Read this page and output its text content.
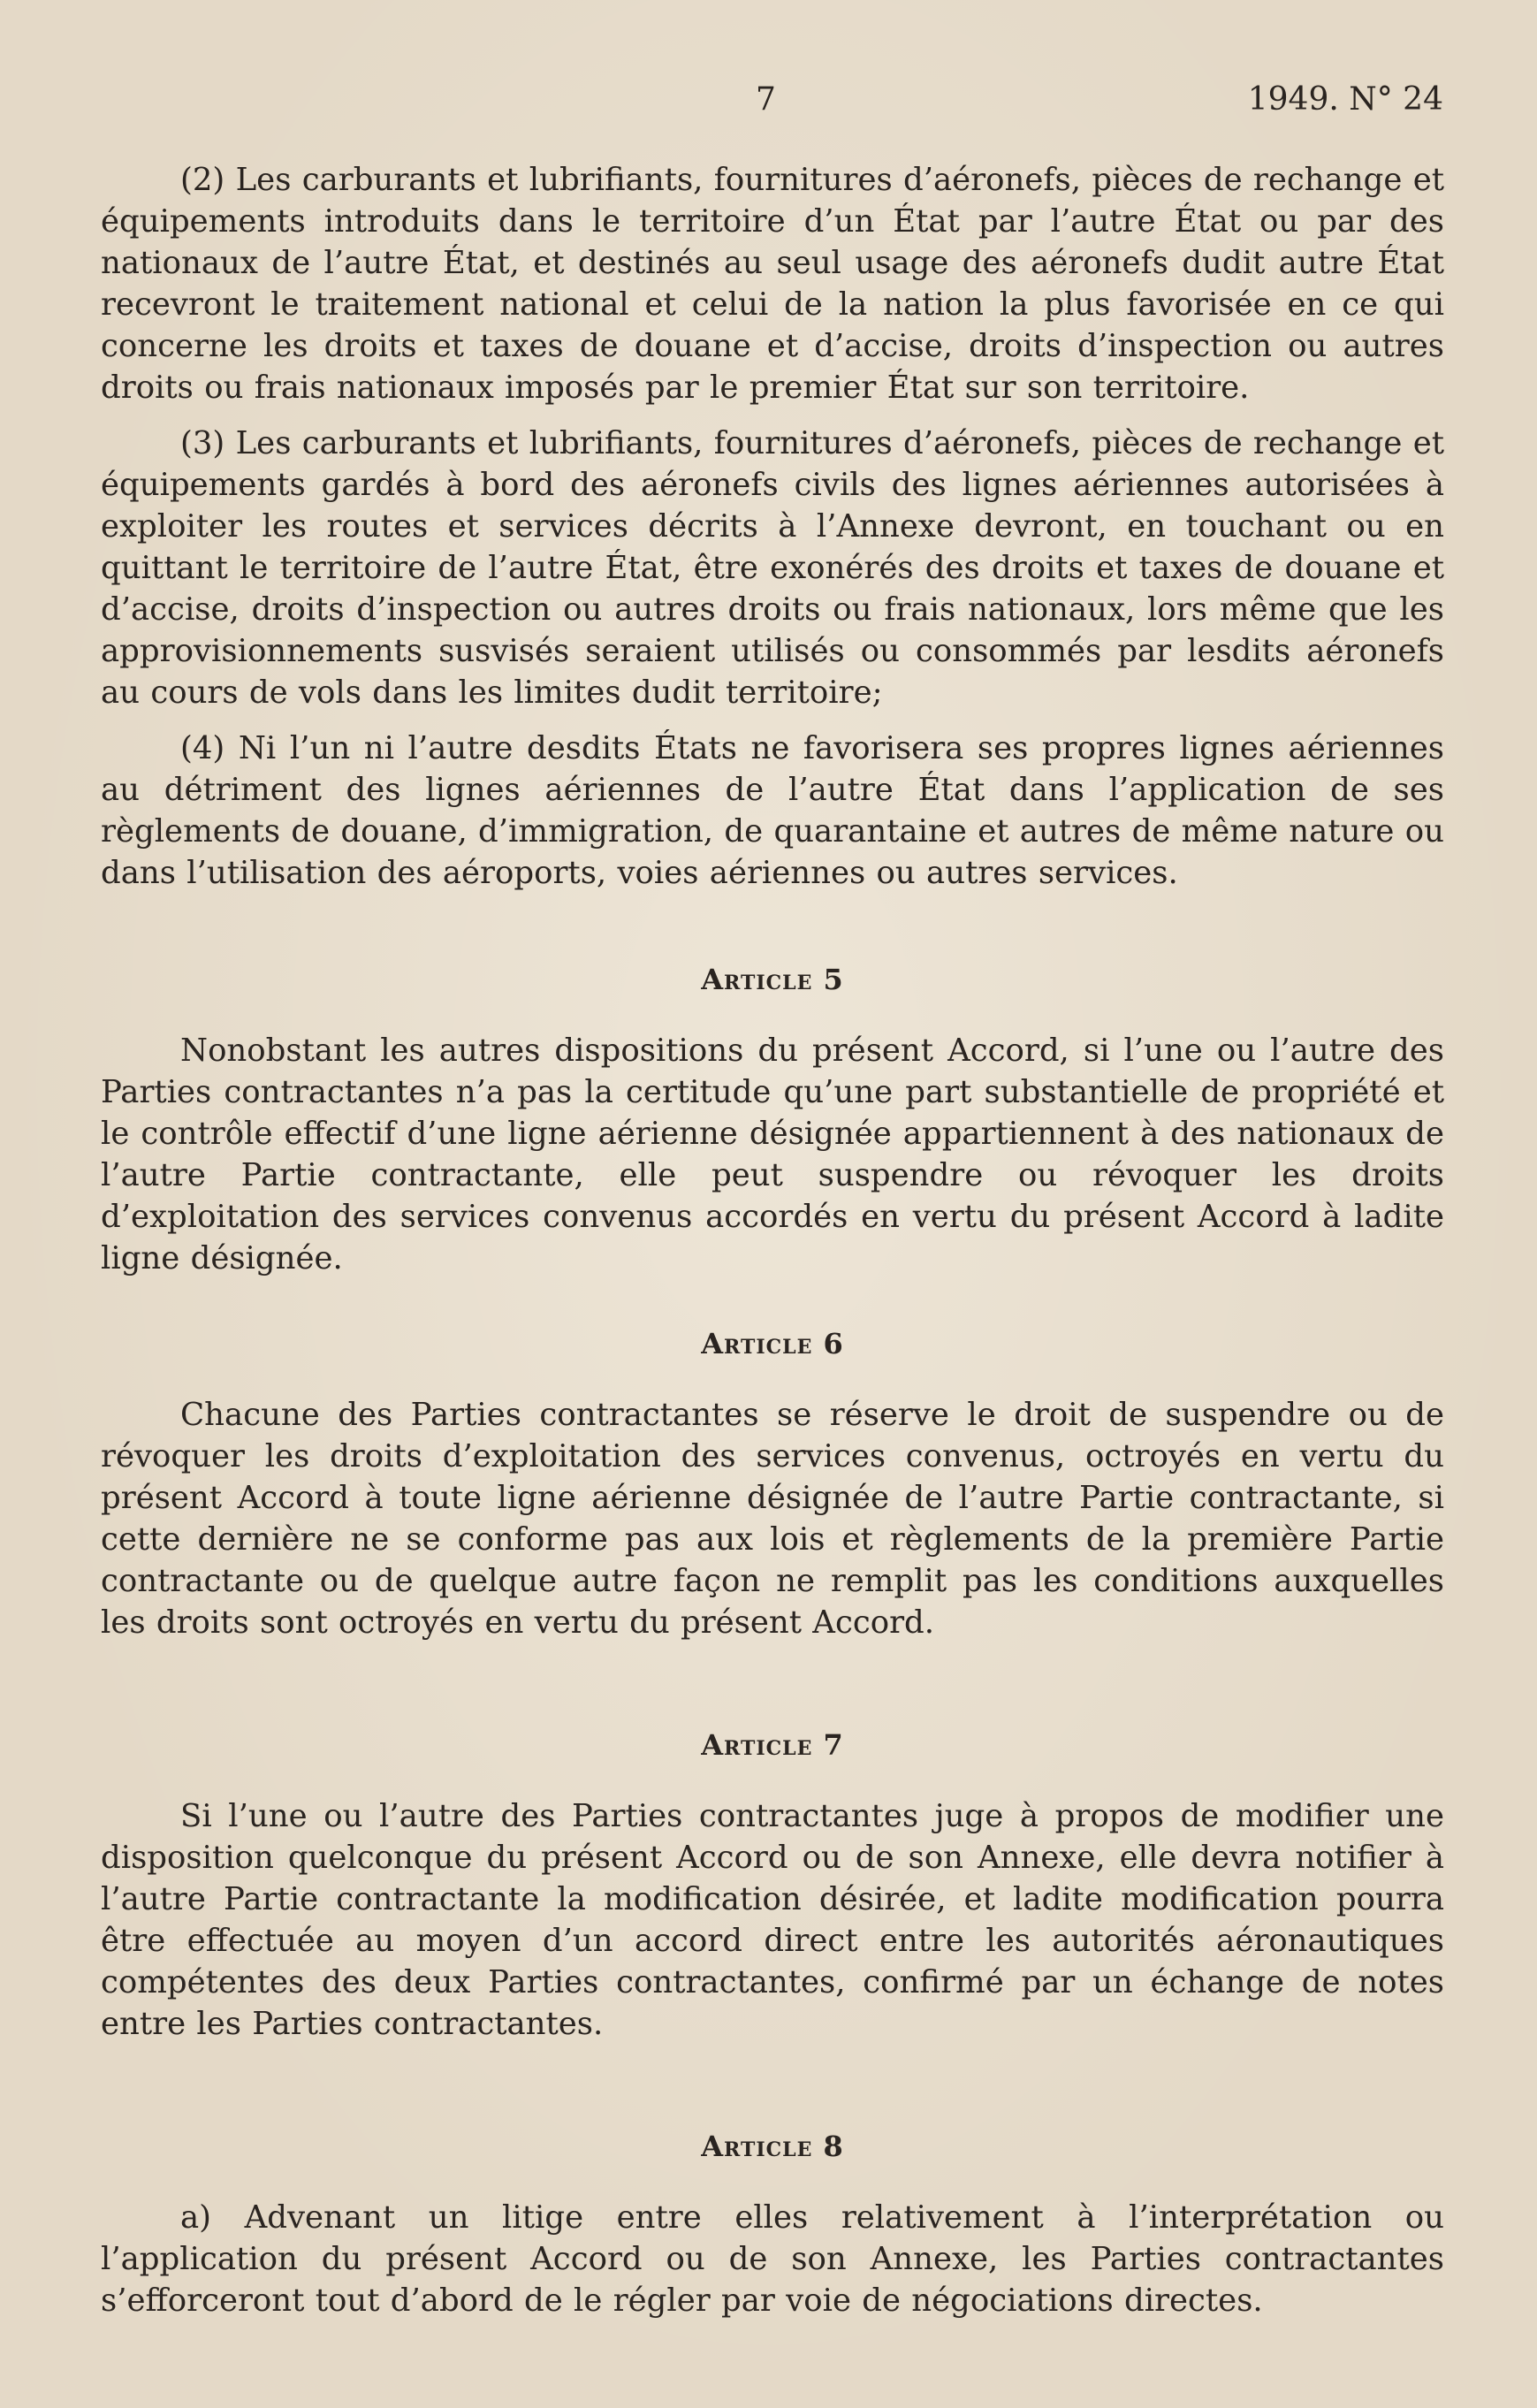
7	1949. N° 24

(2) Les carburants et lubrifiants, fournitures d’aéronefs, pièces de rechange et équipements introduits dans le territoire d’un État par l’autre État ou par des nationaux de l’autre État, et destinés au seul usage des aéronefs dudit autre État recevront le traitement national et celui de la nation la plus favorisée en ce qui concerne les droits et taxes de douane et d’accise, droits d’inspection ou autres droits ou frais nationaux imposés par le premier État sur son territoire.

(3) Les carburants et lubrifiants, fournitures d’aéronefs, pièces de rechange et équipements gardés à bord des aéronefs civils des lignes aériennes autorisées à exploiter les routes et services décrits à l’Annexe devront, en touchant ou en quittant le territoire de l’autre État, être exonérés des droits et taxes de douane et d’accise, droits d’inspection ou autres droits ou frais nationaux, lors même que les approvisionnements susvisés seraient utilisés ou consommés par lesdits aéronefs au cours de vols dans les limites dudit territoire;

(4) Ni l’un ni l’autre desdits États ne favorisera ses propres lignes aériennes au détriment des lignes aériennes de l’autre État dans l’application de ses règlements de douane, d’immigration, de quarantaine et autres de même nature ou dans l’utilisation des aéroports, voies aériennes ou autres services.

Article 5

Nonobstant les autres dispositions du présent Accord, si l’une ou l’autre des Parties contractantes n’a pas la certitude qu’une part substantielle de propriété et le contrôle effectif d’une ligne aérienne désignée appartiennent à des nationaux de l’autre Partie contractante, elle peut suspendre ou révoquer les droits d’exploitation des services convenus accordés en vertu du présent Accord à ladite ligne désignée.

Article 6

Chacune des Parties contractantes se réserve le droit de suspendre ou de révoquer les droits d’exploitation des services convenus, octroyés en vertu du présent Accord à toute ligne aérienne désignée de l’autre Partie contractante, si cette dernière ne se conforme pas aux lois et règlements de la première Partie contractante ou de quelque autre façon ne remplit pas les conditions auxquelles les droits sont octroyés en vertu du présent Accord.

Article 7

Si l’une ou l’autre des Parties contractantes juge à propos de modifier une disposition quelconque du présent Accord ou de son Annexe, elle devra notifier à l’autre Partie contractante la modification désirée, et ladite modification pourra être effectuée au moyen d’un accord direct entre les autorités aéronautiques compétentes des deux Parties contractantes, confirmé par un échange de notes entre les Parties contractantes.

Article 8

a) Advenant un litige entre elles relativement à l’interprétation ou l’application du présent Accord ou de son Annexe, les Parties contractantes s’efforceront tout d’abord de le régler par voie de négociations directes.
